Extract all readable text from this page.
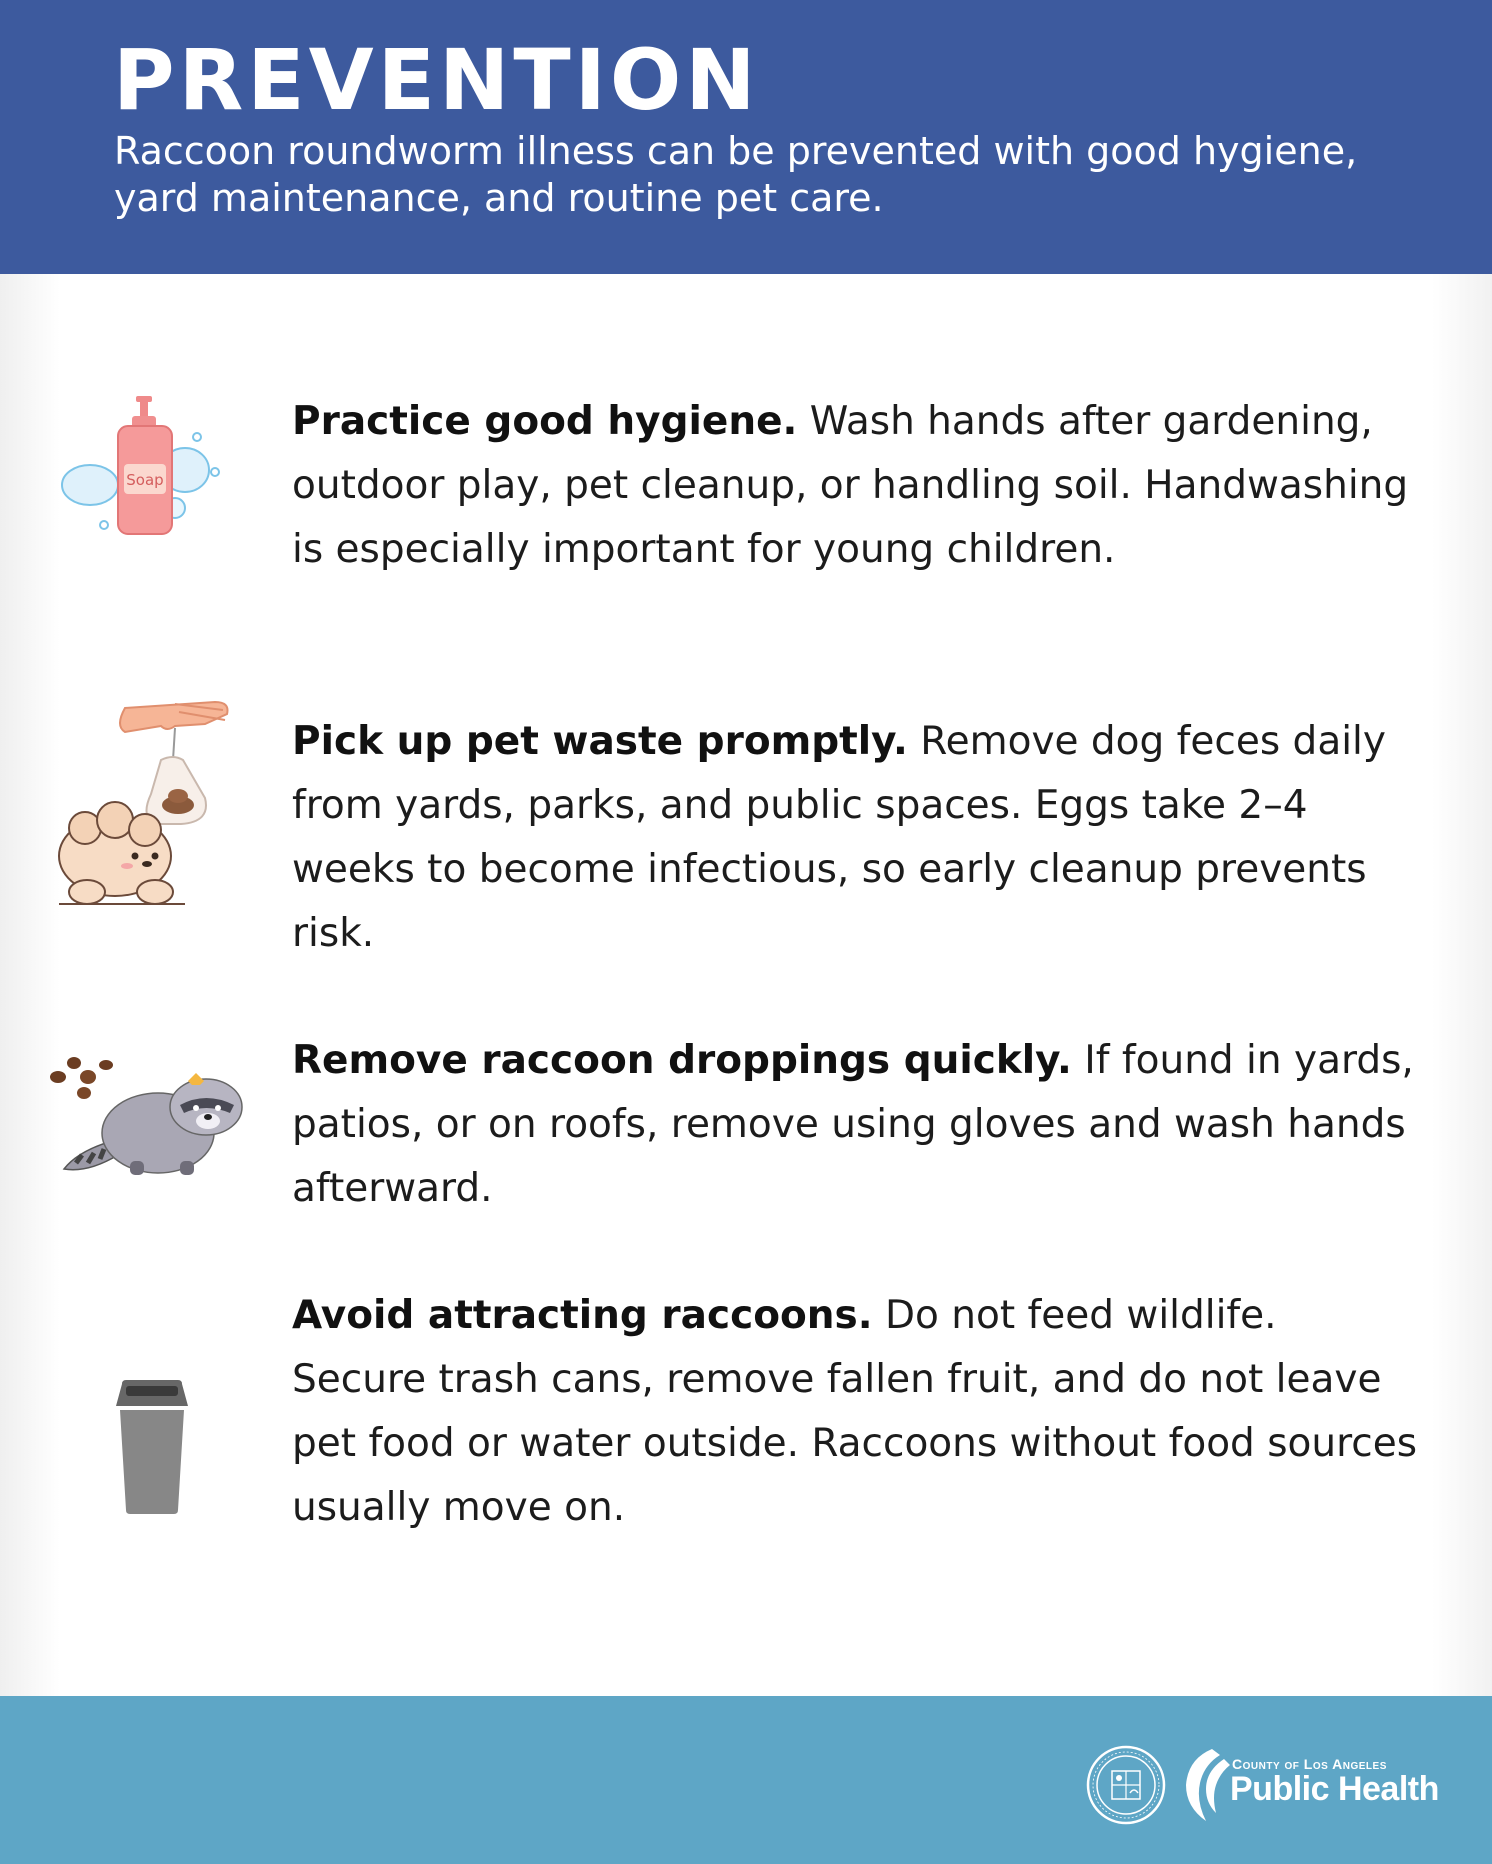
PREVENTION
Raccoon roundworm illness can be prevented with good hygiene, yard maintenance, and routine pet care.
Soap
Practice good hygiene. Wash hands after gardening, outdoor play, pet cleanup, or handling soil. Handwashing is especially important for young children.
Pick up pet waste promptly. Remove dog feces daily from yards, parks, and public spaces. Eggs take 2–4 weeks to become infectious, so early cleanup prevents risk.
Remove raccoon droppings quickly. If found in yards, patios, or on roofs, remove using gloves and wash hands afterward.
Avoid attracting raccoons. Do not feed wildlife. Secure trash cans, remove fallen fruit, and do not leave pet food or water outside. Raccoons without food sources usually move on.
County of Los Angeles
Public Health
